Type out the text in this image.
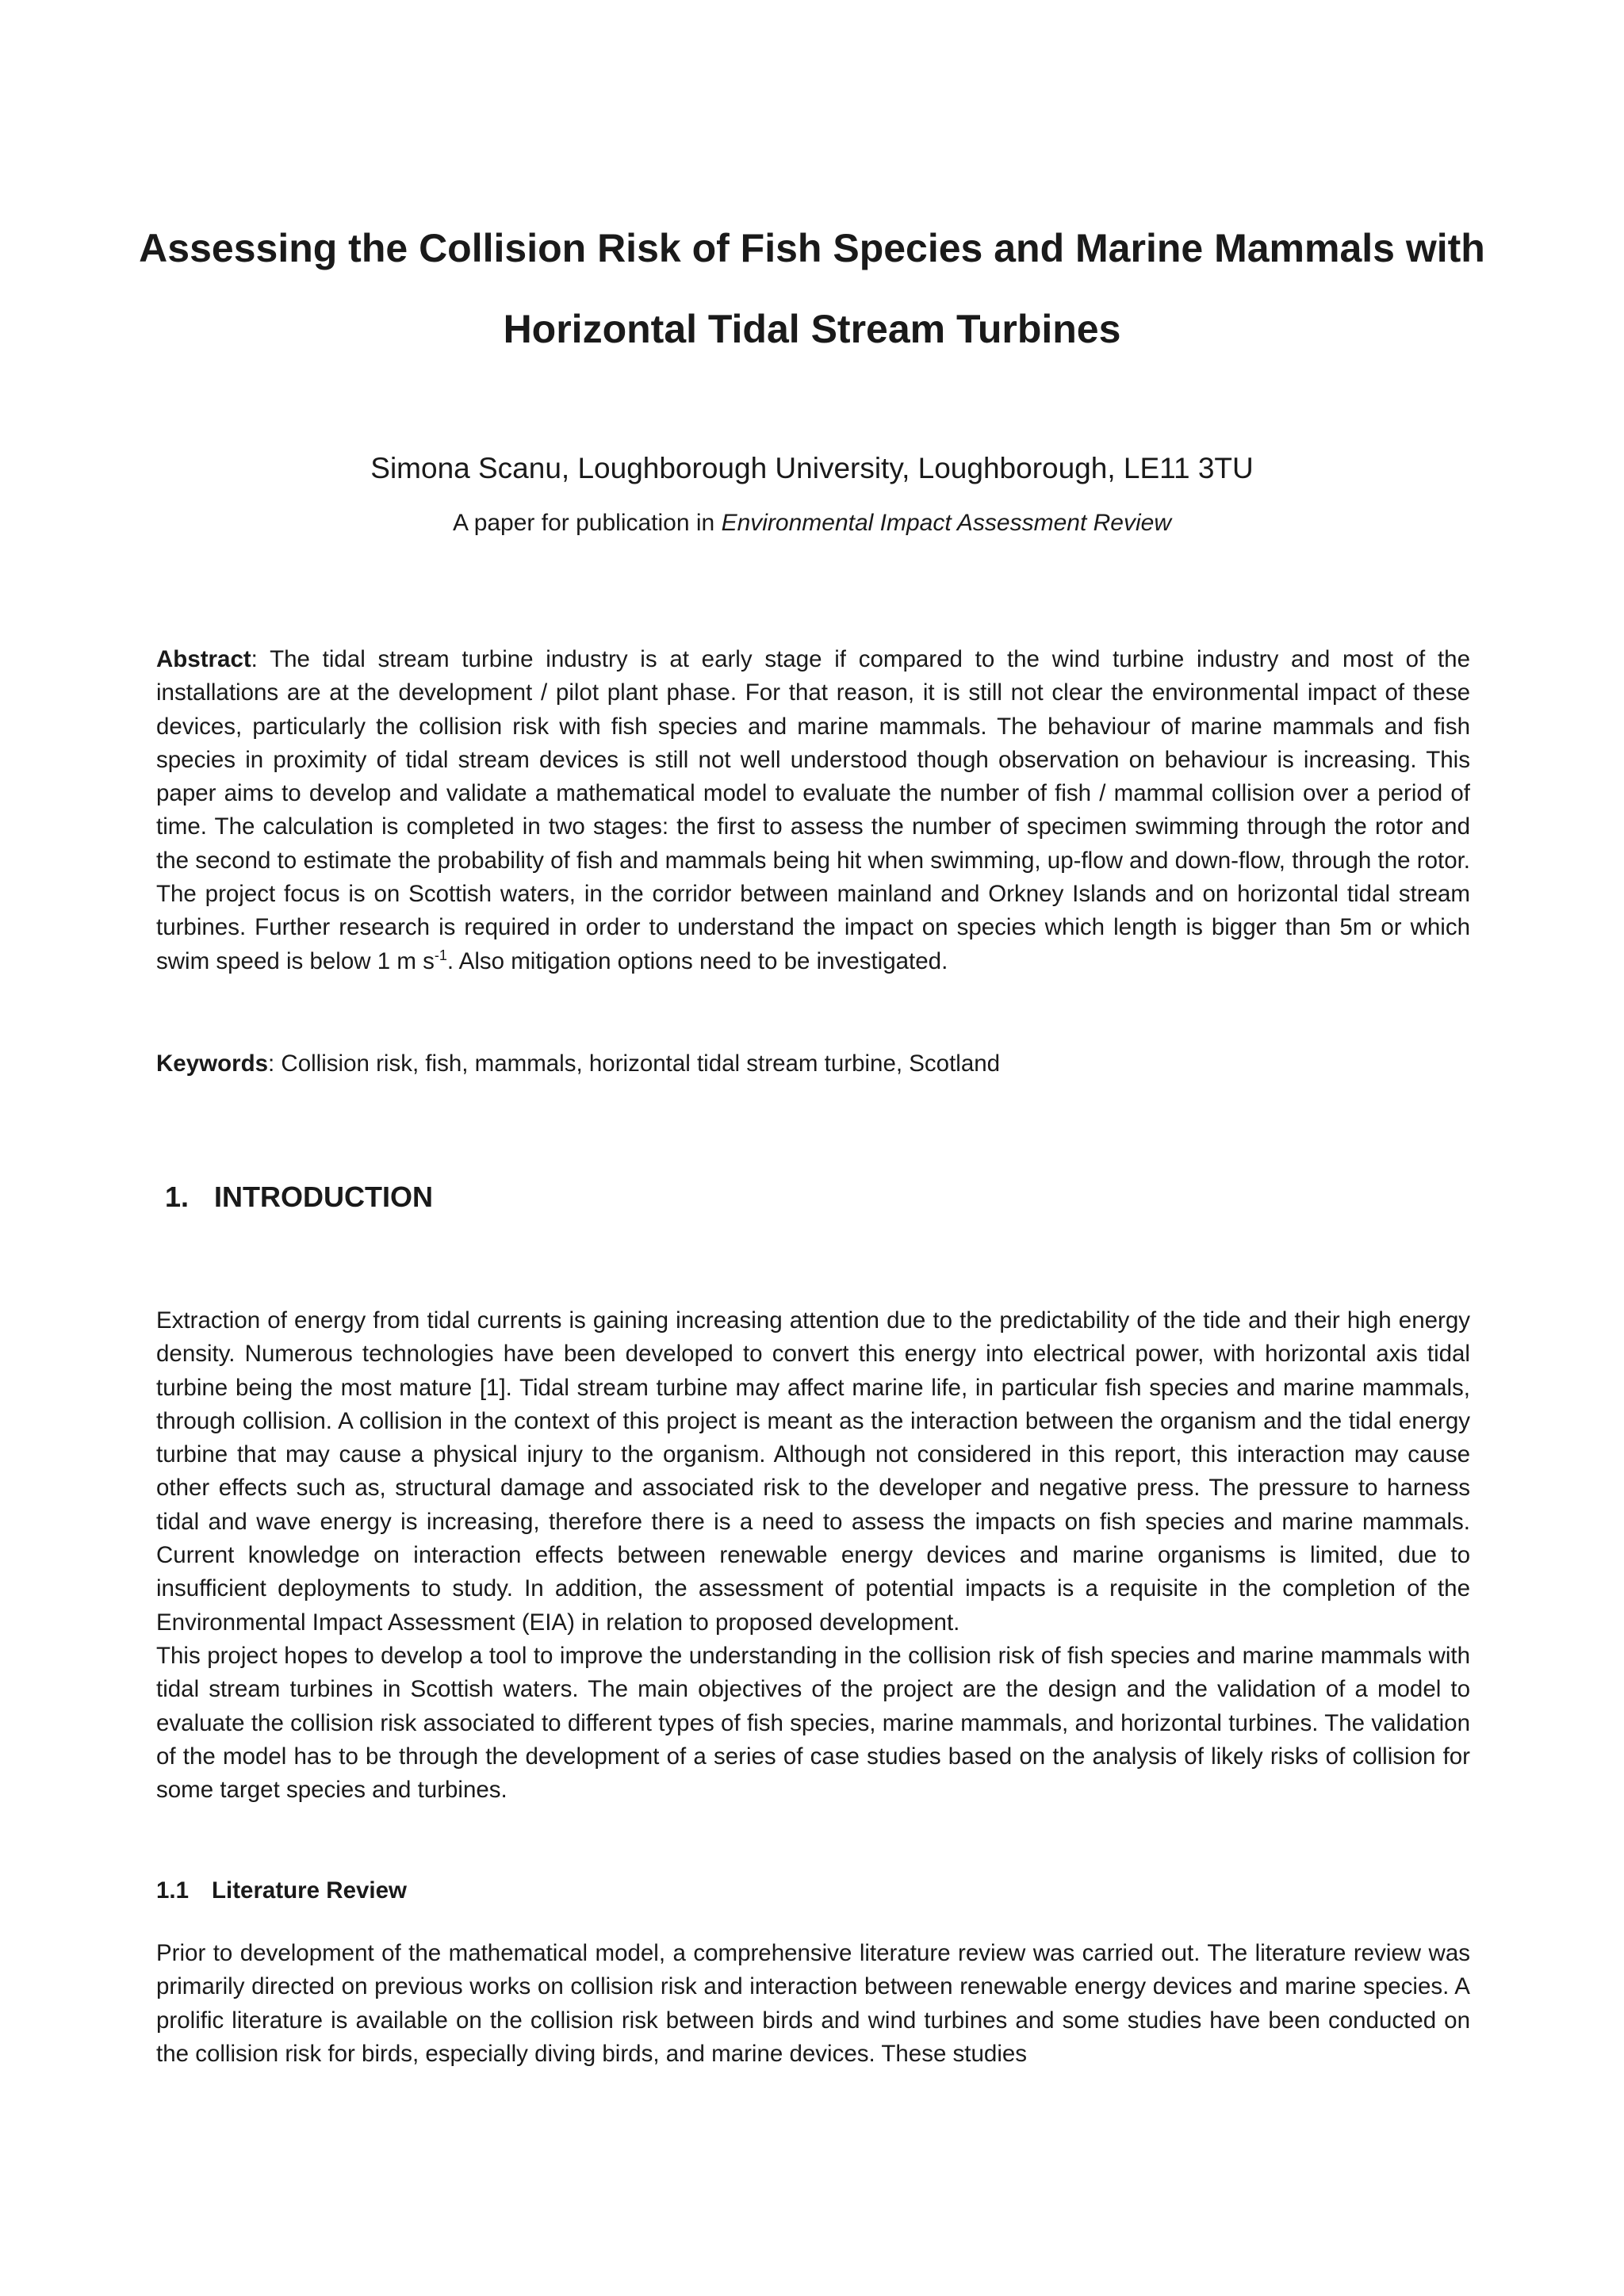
Assessing the Collision Risk of Fish Species and Marine Mammals with
Horizontal Tidal Stream Turbines
Simona Scanu, Loughborough University, Loughborough, LE11 3TU
A paper for publication in Environmental Impact Assessment Review

Abstract: The tidal stream turbine industry is at early stage if compared to the wind turbine industry and most of the installations are at the development / pilot plant phase. For that reason, it is still not clear the environmental impact of these devices, particularly the collision risk with fish species and marine mammals. The behaviour of marine mammals and fish species in proximity of tidal stream devices is still not well understood though observation on behaviour is increasing. This paper aims to develop and validate a mathematical model to evaluate the number of fish / mammal collision over a period of time. The calculation is completed in two stages: the first to assess the number of specimen swimming through the rotor and the second to estimate the probability of fish and mammals being hit when swimming, up-flow and down-flow, through the rotor. The project focus is on Scottish waters, in the corridor between mainland and Orkney Islands and on horizontal tidal stream turbines. Further research is required in order to understand the impact on species which length is bigger than 5m or which swim speed is below 1 m $s^{-1}$. Also mitigation options need to be investigated.

Keywords: Collision risk, fish, mammals, horizontal tidal stream turbine, Scotland

1. INTRODUCTION

Extraction of energy from tidal currents is gaining increasing attention due to the predictability of the tide and their high energy density. Numerous technologies have been developed to convert this energy into electrical power, with horizontal axis tidal turbine being the most mature [1]. Tidal stream turbine may affect marine life, in particular fish species and marine mammals, through collision. A collision in the context of this project is meant as the interaction between the organism and the tidal energy turbine that may cause a physical injury to the organism. Although not considered in this report, this interaction may cause other effects such as, structural damage and associated risk to the developer and negative press. The pressure to harness tidal and wave energy is increasing, therefore there is a need to assess the impacts on fish species and marine mammals. Current knowledge on interaction effects between renewable energy devices and marine organisms is limited, due to insufficient deployments to study. In addition, the assessment of potential impacts is a requisite in the completion of the Environmental Impact Assessment (EIA) in relation to proposed development.

This project hopes to develop a tool to improve the understanding in the collision risk of fish species and marine mammals with tidal stream turbines in Scottish waters. The main objectives of the project are the design and the validation of a model to evaluate the collision risk associated to different types of fish species, marine mammals, and horizontal turbines. The validation of the model has to be through the development of a series of case studies based on the analysis of likely risks of collision for some target species and turbines.

1.1 Literature Review

Prior to development of the mathematical model, a comprehensive literature review was carried out. The literature review was primarily directed on previous works on collision risk and interaction between renewable energy devices and marine species. A prolific literature is available on the collision risk between birds and wind turbines and some studies have been conducted on the collision risk for birds, especially diving birds, and marine devices. These studies
